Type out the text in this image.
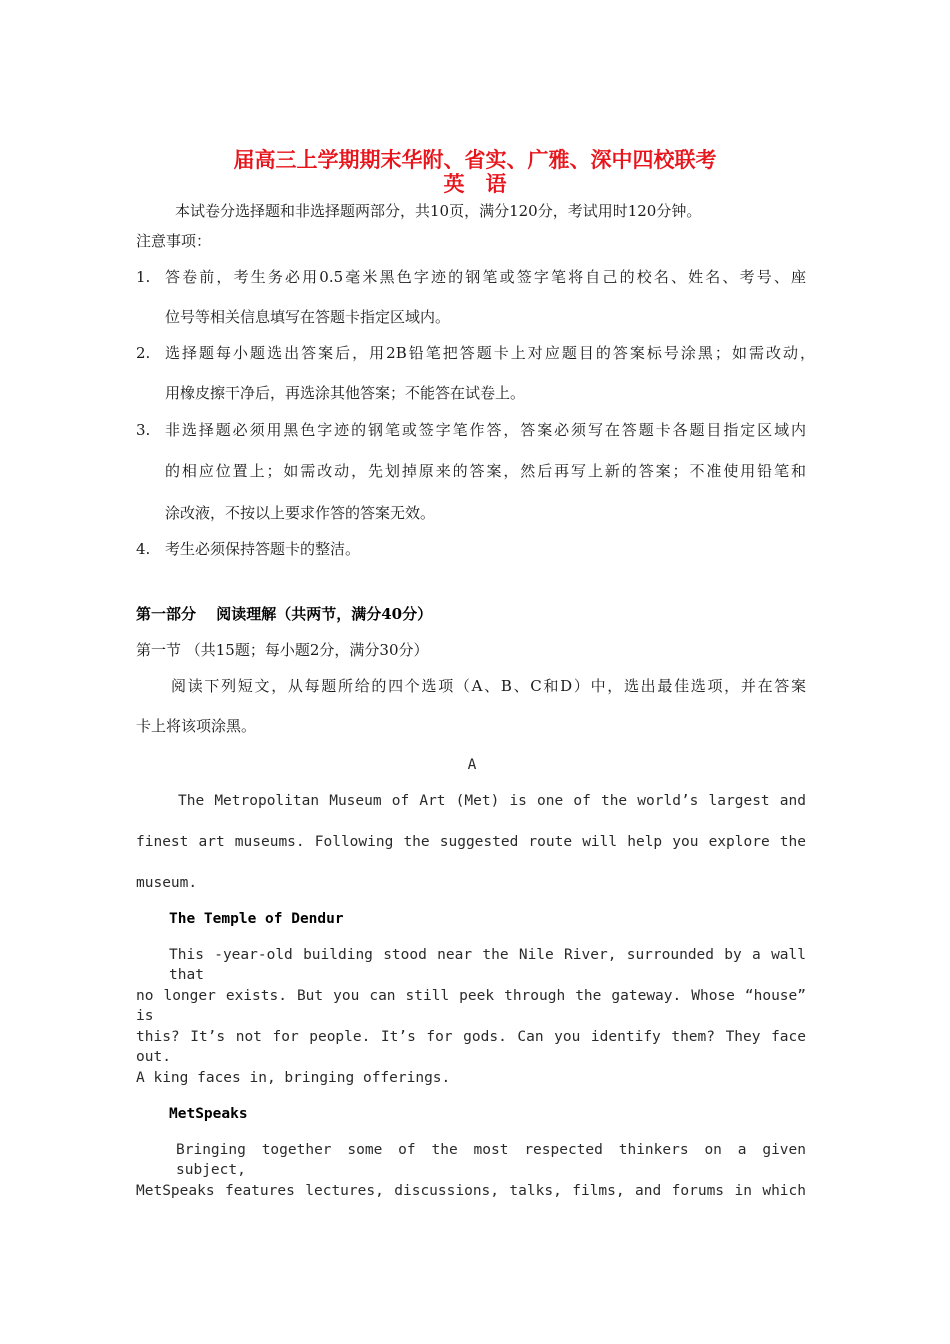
届高三上学期期末华附、省实、广雅、深中四校联考
英　语
本试卷分选择题和非选择题两部分，共10页，满分120分，考试用时120分钟。
注意事项：
1. 答卷前，考生务必用0.5毫米黑色字迹的钢笔或签字笔将自己的校名、姓名、考号、座
位号等相关信息填写在答题卡指定区域内。
2. 选择题每小题选出答案后，用2B铅笔把答题卡上对应题目的答案标号涂黑；如需改动，
用橡皮擦干净后，再选涂其他答案；不能答在试卷上。
3. 非选择题必须用黑色字迹的钢笔或签字笔作答，答案必须写在答题卡各题目指定区域内
的相应位置上；如需改动，先划掉原来的答案，然后再写上新的答案；不准使用铅笔和
涂改液，不按以上要求作答的答案无效。
4. 考生必须保持答题卡的整洁。
第一部分　 阅读理解（共两节，满分40分）
第一节 （共15题；每小题2分，满分30分）
阅读下列短文，从每题所给的四个选项（A、B、C和D）中，选出最佳选项，并在答案
卡上将该项涂黑。
A
The Metropolitan Museum of Art (Met) is one of the world’s largest and
finest art museums. Following the suggested route will help you explore the
museum.
The Temple of Dendur
This -year-old building stood near the Nile River, surrounded by a wall that
no longer exists. But you can still peek through the gateway. Whose “house” is
this? It’s not for people. It’s for gods. Can you identify them? They face out.
A king faces in, bringing offerings.
MetSpeaks
Bringing together some of the most respected thinkers on a given subject,
MetSpeaks features lectures, discussions, talks, films, and forums in which
